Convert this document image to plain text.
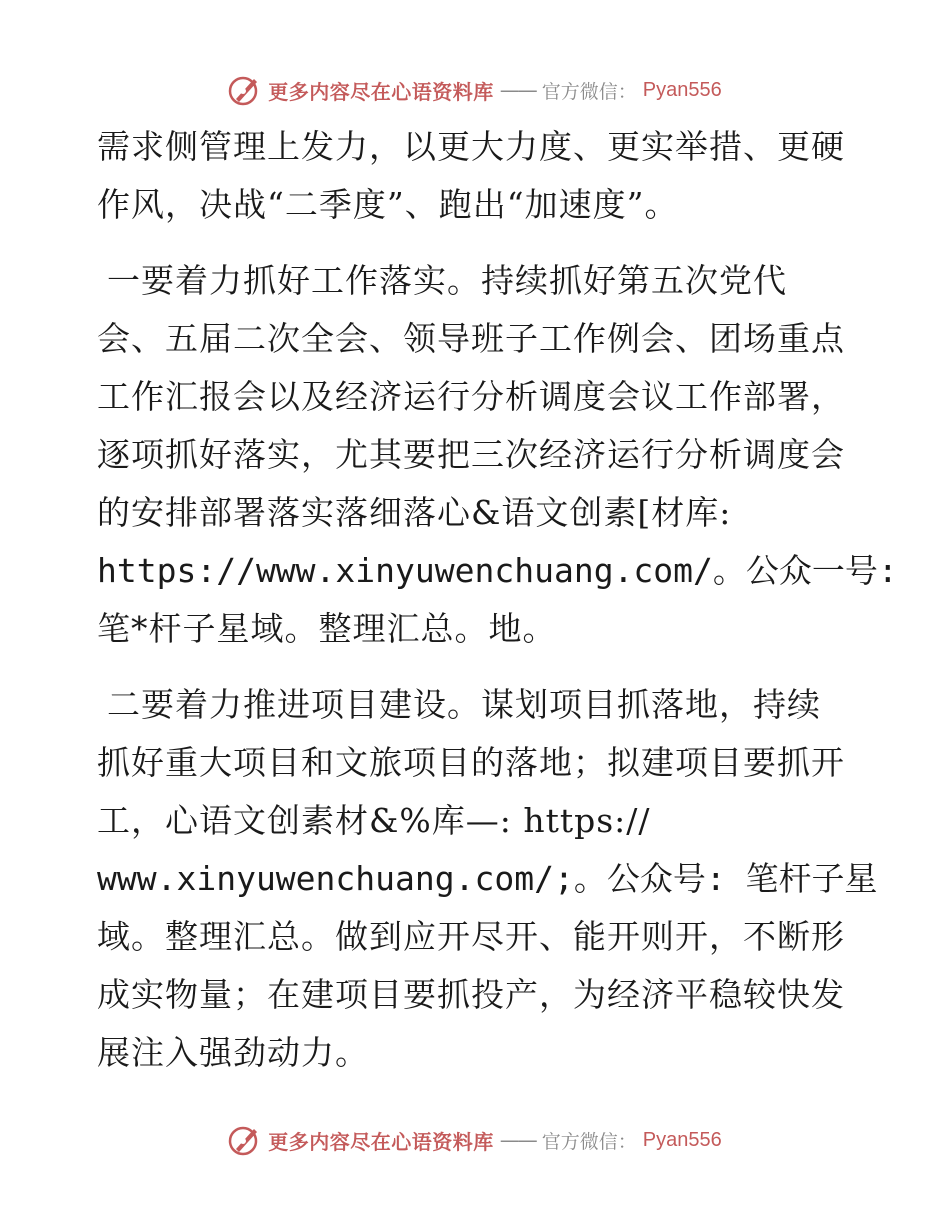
更多内容尽在心语资料库 —— 官方微信： Pyan556
需求侧管理上发力，以更大力度、更实举措、更硬
作风，决战“二季度”、跑出“加速度”。
一要着力抓好工作落实。持续抓好第五次党代
会、五届二次全会、领导班子工作例会、团场重点
工作汇报会以及经济运行分析调度会议工作部署，
逐项抓好落实，尤其要把三次经济运行分析调度会
的安排部署落实落细落心&语文创素[材库:
https://www.xinyuwenchuang.com/。公众一号:
笔*杆子星域。整理汇总。地。
二要着力推进项目建设。谋划项目抓落地，持续
抓好重大项目和文旅项目的落地；拟建项目要抓开
工，心语文创素材&%库—: https://
www.xinyuwenchuang.com/;。公众号: 笔杆子星
域。整理汇总。做到应开尽开、能开则开，不断形
成实物量；在建项目要抓投产，为经济平稳较快发
展注入强劲动力。
更多内容尽在心语资料库 —— 官方微信： Pyan556
